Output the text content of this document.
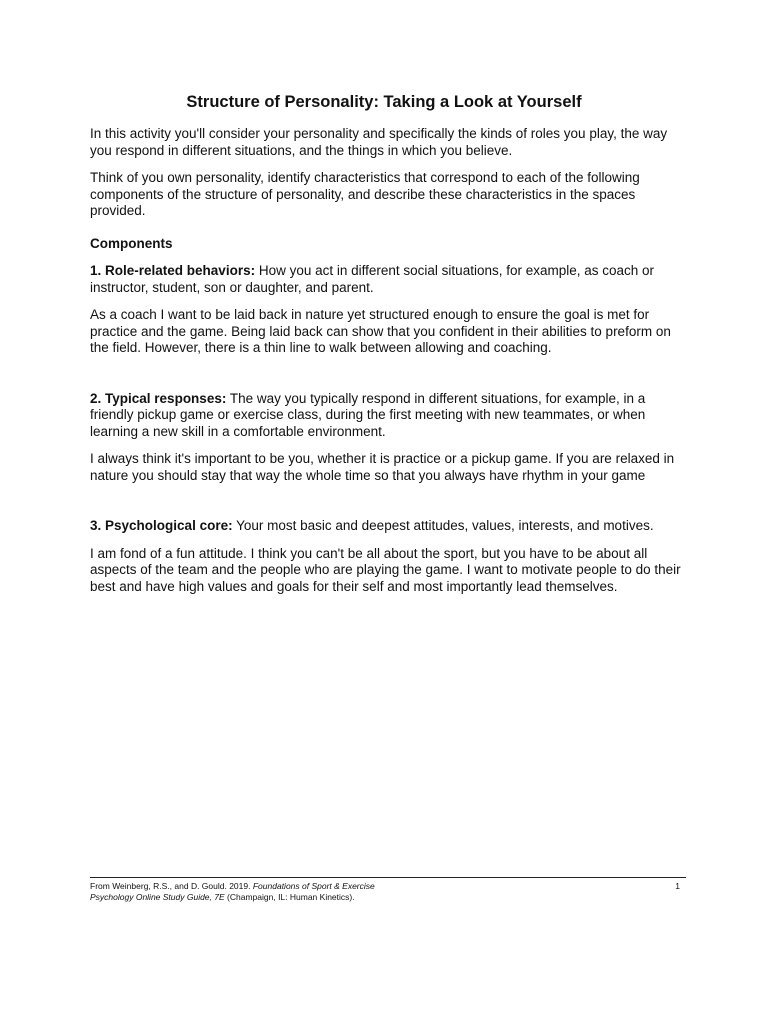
Structure of Personality: Taking a Look at Yourself

In this activity you'll consider your personality and specifically the kinds of roles you play, the way you respond in different situations, and the things in which you believe.

Think of you own personality, identify characteristics that correspond to each of the following components of the structure of personality, and describe these characteristics in the spaces provided.

Components

1. Role-related behaviors: How you act in different social situations, for example, as coach or instructor, student, son or daughter, and parent.

As a coach I want to be laid back in nature yet structured enough to ensure the goal is met for practice and the game. Being laid back can show that you confident in their abilities to preform on the field. However, there is a thin line to walk between allowing and coaching.

2. Typical responses: The way you typically respond in different situations, for example, in a friendly pickup game or exercise class, during the first meeting with new teammates, or when learning a new skill in a comfortable environment.

I always think it's important to be you, whether it is practice or a pickup game. If you are relaxed in nature you should stay that way the whole time so that you always have rhythm in your game

3. Psychological core: Your most basic and deepest attitudes, values, interests, and motives.

I am fond of a fun attitude. I think you can't be all about the sport, but you have to be about all aspects of the team and the people who are playing the game. I want to motivate people to do their best and have high values and goals for their self and most importantly lead themselves.

From Weinberg, R.S., and D. Gould. 2019. Foundations of Sport & Exercise Psychology Online Study Guide, 7E (Champaign, IL: Human Kinetics).
1
